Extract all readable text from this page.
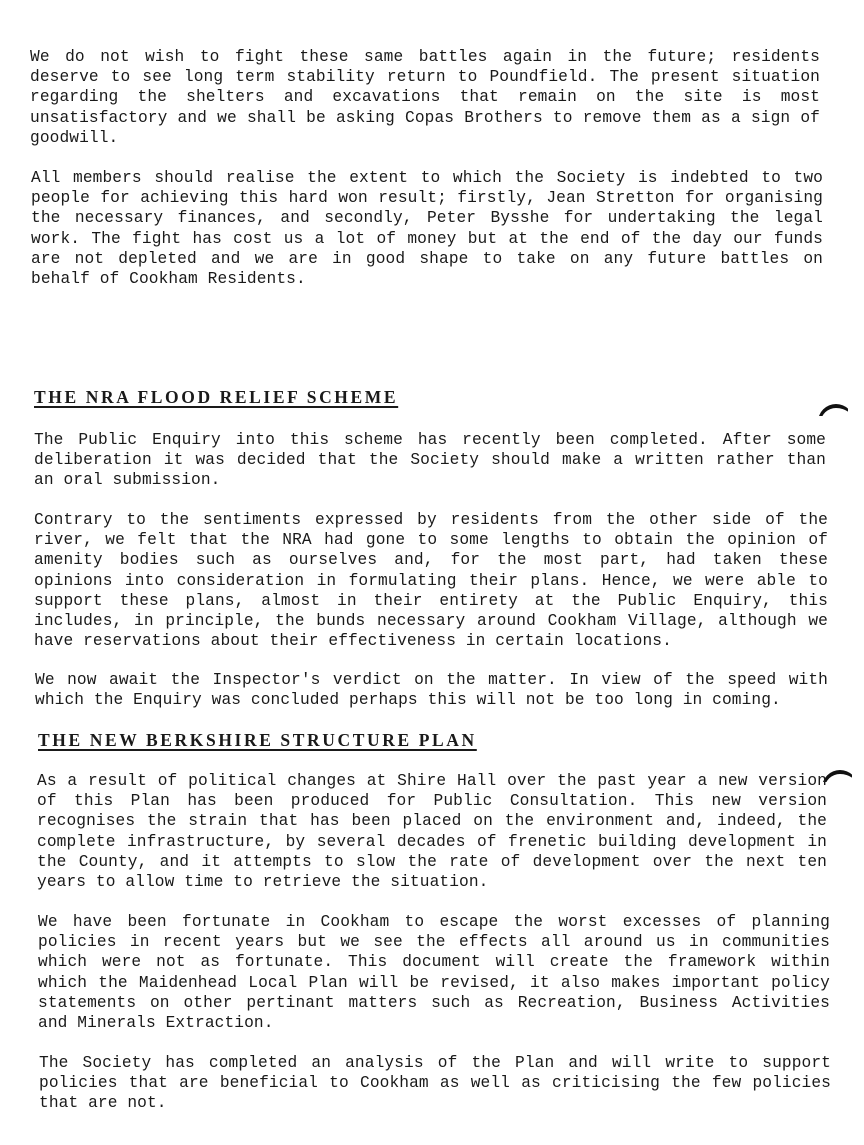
We do not wish to fight these same battles again in the future; residents deserve to see long term stability return to Poundfield. The present situation regarding the shelters and excavations that remain on the site is most unsatisfactory and we shall be asking Copas Brothers to remove them as a sign of goodwill.

All members should realise the extent to which the Society is indebted to two people for achieving this hard won result; firstly, Jean Stretton for organising the necessary finances, and secondly, Peter Bysshe for undertaking the legal work. The fight has cost us a lot of money but at the end of the day our funds are not depleted and we are in good shape to take on any future battles on behalf of Cookham Residents.

THE NRA FLOOD RELIEF SCHEME

The Public Enquiry into this scheme has recently been completed. After some deliberation it was decided that the Society should make a written rather than an oral submission.

Contrary to the sentiments expressed by residents from the other side of the river, we felt that the NRA had gone to some lengths to obtain the opinion of amenity bodies such as ourselves and, for the most part, had taken these opinions into consideration in formulating their plans. Hence, we were able to support these plans, almost in their entirety at the Public Enquiry, this includes, in principle, the bunds necessary around Cookham Village, although we have reservations about their effectiveness in certain locations.

We now await the Inspector's verdict on the matter. In view of the speed with which the Enquiry was concluded perhaps this will not be too long in coming.

THE NEW BERKSHIRE STRUCTURE PLAN

As a result of political changes at Shire Hall over the past year a new version of this Plan has been produced for Public Consultation. This new version recognises the strain that has been placed on the environment and, indeed, the complete infrastructure, by several decades of frenetic building development in the County, and it attempts to slow the rate of development over the next ten years to allow time to retrieve the situation.

We have been fortunate in Cookham to escape the worst excesses of planning policies in recent years but we see the effects all around us in communities which were not as fortunate. This document will create the framework within which the Maidenhead Local Plan will be revised, it also makes important policy statements on other pertinant matters such as Recreation, Business Activities and Minerals Extraction.

The Society has completed an analysis of the Plan and will write to support policies that are beneficial to Cookham as well as criticising the few policies that are not.
